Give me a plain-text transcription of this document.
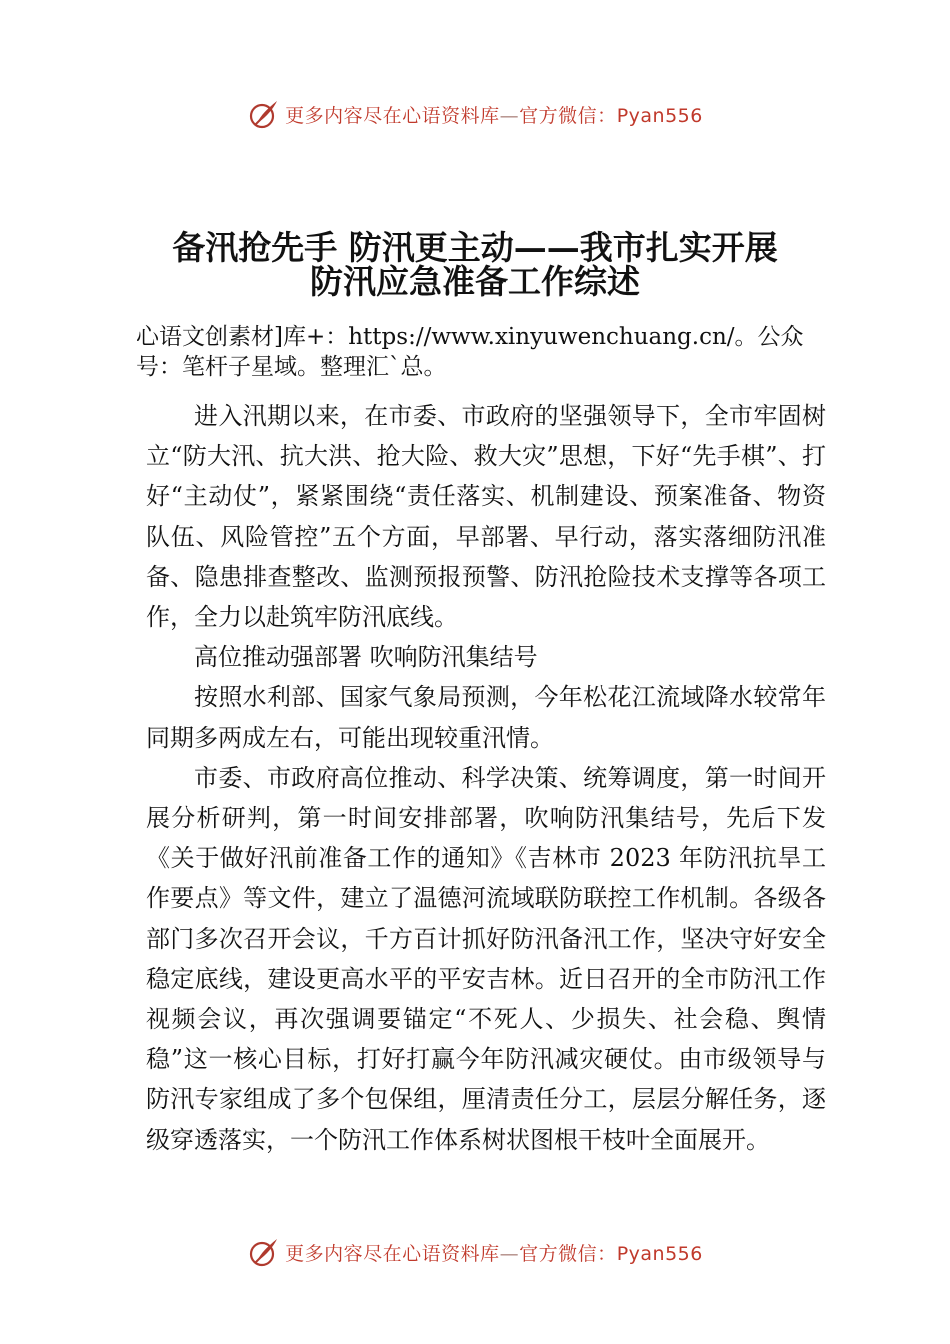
更多内容尽在心语资料库—官方微信：Pyan556
备汛抢先手 防汛更主动——我市扎实开展
防汛应急准备工作综述

心语文创素材]库+：https://www.xinyuwenchuang.cn/。公众号：笔杆子星域。整理汇`总。

进入汛期以来，在市委、市政府的坚强领导下，全市牢固树立“防大汛、抗大洪、抢大险、救大灾”思想，下好“先手棋”、打好“主动仗”，紧紧围绕“责任落实、机制建设、预案准备、物资队伍、风险管控”五个方面，早部署、早行动，落实落细防汛准备、隐患排查整改、监测预报预警、防汛抢险技术支撑等各项工作，全力以赴筑牢防汛底线。

高位推动强部署 吹响防汛集结号

按照水利部、国家气象局预测，今年松花江流域降水较常年同期多两成左右，可能出现较重汛情。

市委、市政府高位推动、科学决策、统筹调度，第一时间开展分析研判，第一时间安排部署，吹响防汛集结号，先后下发《关于做好汛前准备工作的通知》《吉林市 2023 年防汛抗旱工作要点》等文件，建立了温德河流域联防联控工作机制。各级各部门多次召开会议，千方百计抓好防汛备汛工作，坚决守好安全稳定底线，建设更高水平的平安吉林。近日召开的全市防汛工作视频会议，再次强调要锚定“不死人、少损失、社会稳、舆情稳”这一核心目标，打好打赢今年防汛减灾硬仗。由市级领导与防汛专家组成了多个包保组，厘清责任分工，层层分解任务，逐级穿透落实，一个防汛工作体系树状图根干枝叶全面展开。

更多内容尽在心语资料库—官方微信：Pyan556
